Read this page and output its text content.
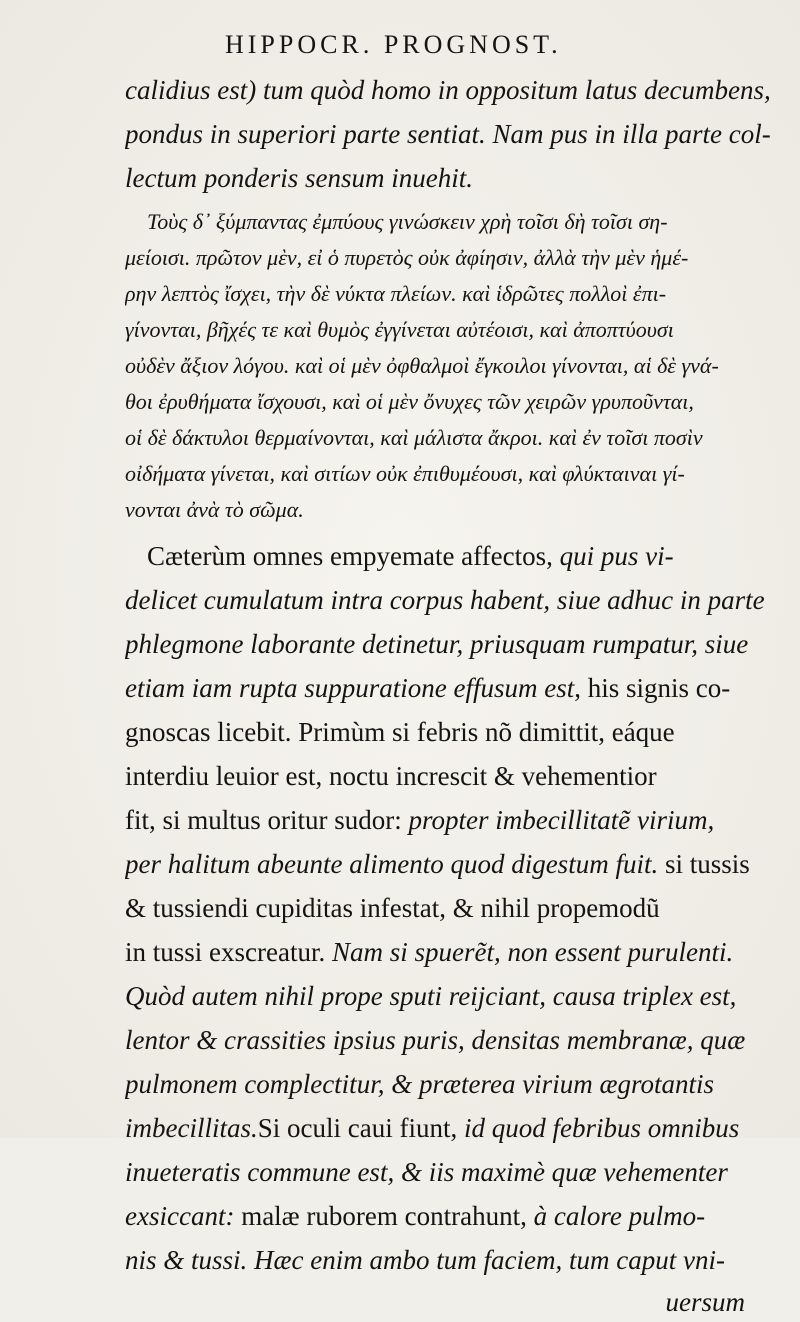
HIPPOCR. PROGNOST.
calidius est) tum quòd homo in oppositum latus decumbens,
pondus in superiori parte sentiat. Nam pus in illa parte col-
lectum ponderis sensum inuehit.
Τοὺς δ᾽ ξύμπαντας ἐμπύους γινώσκειν χρὴ τοῖσι δὴ τοῖσι ση-
μείοισι. πρῶτον μὲν, εἰ ὁ πυρετὸς οὐκ ἀφίησιν, ἀλλὰ τὴν μὲν ἡμέ-
ρην λεπτὸς ἴσχει, τὴν δὲ νύκτα πλείων. καὶ ἱδρῶτες πολλοὶ ἐπι-
γίνονται, βῆχές τε καὶ θυμὸς ἐγγίνεται αὐτέοισι, καὶ ἀποπτύουσι
οὐδὲν ἄξιον λόγου. καὶ οἱ μὲν ὀφθαλμοὶ ἔγκοιλοι γίνονται, αἱ δὲ γνά-
θοι ἐρυθήματα ἴσχουσι, καὶ οἱ μὲν ὄνυχες τῶν χειρῶν γρυποῦνται,
οἱ δὲ δάκτυλοι θερμαίνονται, καὶ μάλιστα ἄκροι. καὶ ἐν τοῖσι ποσὶν
οἰδήματα γίνεται, καὶ σιτίων οὐκ ἐπιθυμέουσι, καὶ φλύκταιναι γί-
νονται ἀνὰ τὸ σῶμα.
Cæterùm omnes empyemate affectos, qui pus vi-
delicet cumulatum intra corpus habent, siue adhuc in parte
phlegmone laborante detinetur, priusquam rumpatur, siue
etiam iam rupta suppuratione effusum est, his signis co-
gnoscas licebit. Primùm si febris nõ dimittit, eáque
interdiu leuior est, noctu increscit & vehementior
fit, si multus oritur sudor: propter imbecillitatẽ virium,
per halitum abeunte alimento quod digestum fuit. si tussis
& tussiendi cupiditas infestat, & nihil propemodũ
in tussi exscreatur. Nam si spuerẽt, non essent purulenti.
Quòd autem nihil prope sputi reijciant, causa triplex est,
lentor & crassities ipsius puris, densitas membranæ, quæ
pulmonem complectitur, & præterea virium ægrotantis
imbecillitas.Si oculi caui fiunt, id quod febribus omnibus
inueteratis commune est, & iis maximè quæ vehementer
exsiccant: malæ ruborem contrahunt, à calore pulmo-
nis & tussi. Hæc enim ambo tum faciem, tum caput vni-
uersum
